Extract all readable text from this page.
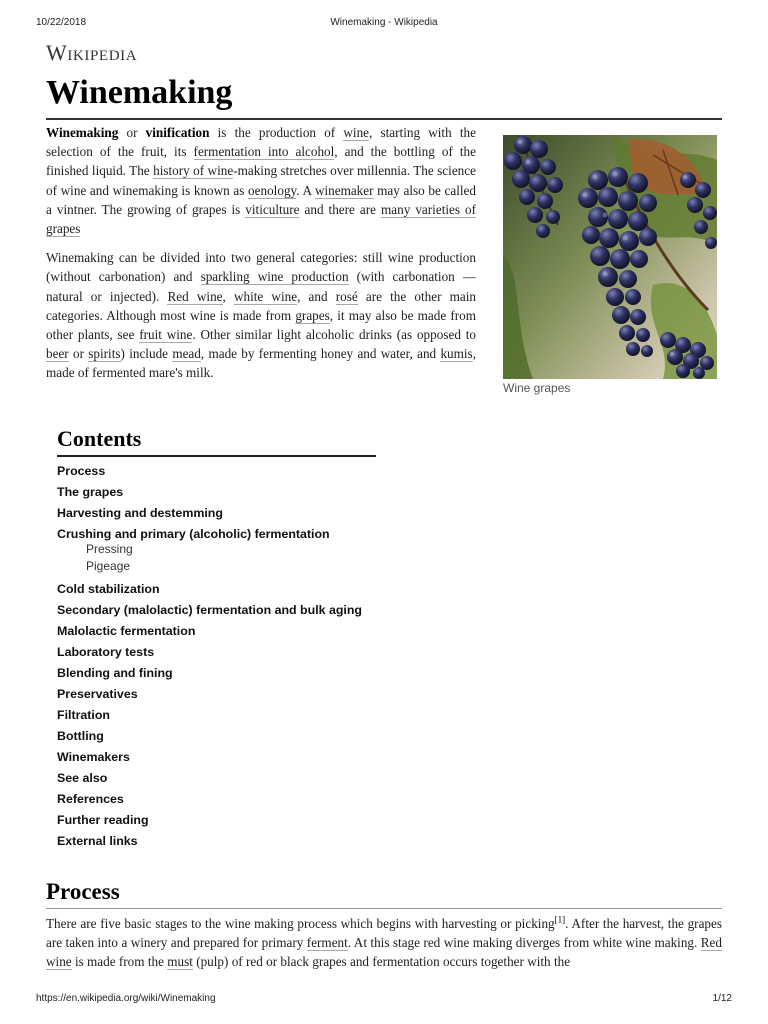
10/22/2018	Winemaking - Wikipedia
Wikipedia
Winemaking

Winemaking or vinification is the production of wine, starting with the selection of the fruit, its fermentation into alcohol, and the bottling of the finished liquid. The history of wine-making stretches over millennia. The science of wine and winemaking is known as oenology. A winemaker may also be called a vintner. The growing of grapes is viticulture and there are many varieties of grapes

Winemaking can be divided into two general categories: still wine production (without carbonation) and sparkling wine production (with carbonation — natural or injected). Red wine, white wine, and rosé are the other main categories. Although most wine is made from grapes, it may also be made from other plants, see fruit wine. Other similar light alcoholic drinks (as opposed to beer or spirits) include mead, made by fermenting honey and water, and kumis, made of fermented mare's milk.

Wine grapes
Contents
Process
The grapes
Harvesting and destemming
Crushing and primary (alcoholic) fermentation
Pressing
Pigeage
Cold stabilization
Secondary (malolactic) fermentation and bulk aging
Malolactic fermentation
Laboratory tests
Blending and fining
Preservatives
Filtration
Bottling
Winemakers
See also
References
Further reading
External links
Process

There are five basic stages to the wine making process which begins with harvesting or picking[1]. After the harvest, the grapes are taken into a winery and prepared for primary ferment. At this stage red wine making diverges from white wine making. Red wine is made from the must (pulp) of red or black grapes and fermentation occurs together with the

https://en.wikipedia.org/wiki/Winemaking	1/12
